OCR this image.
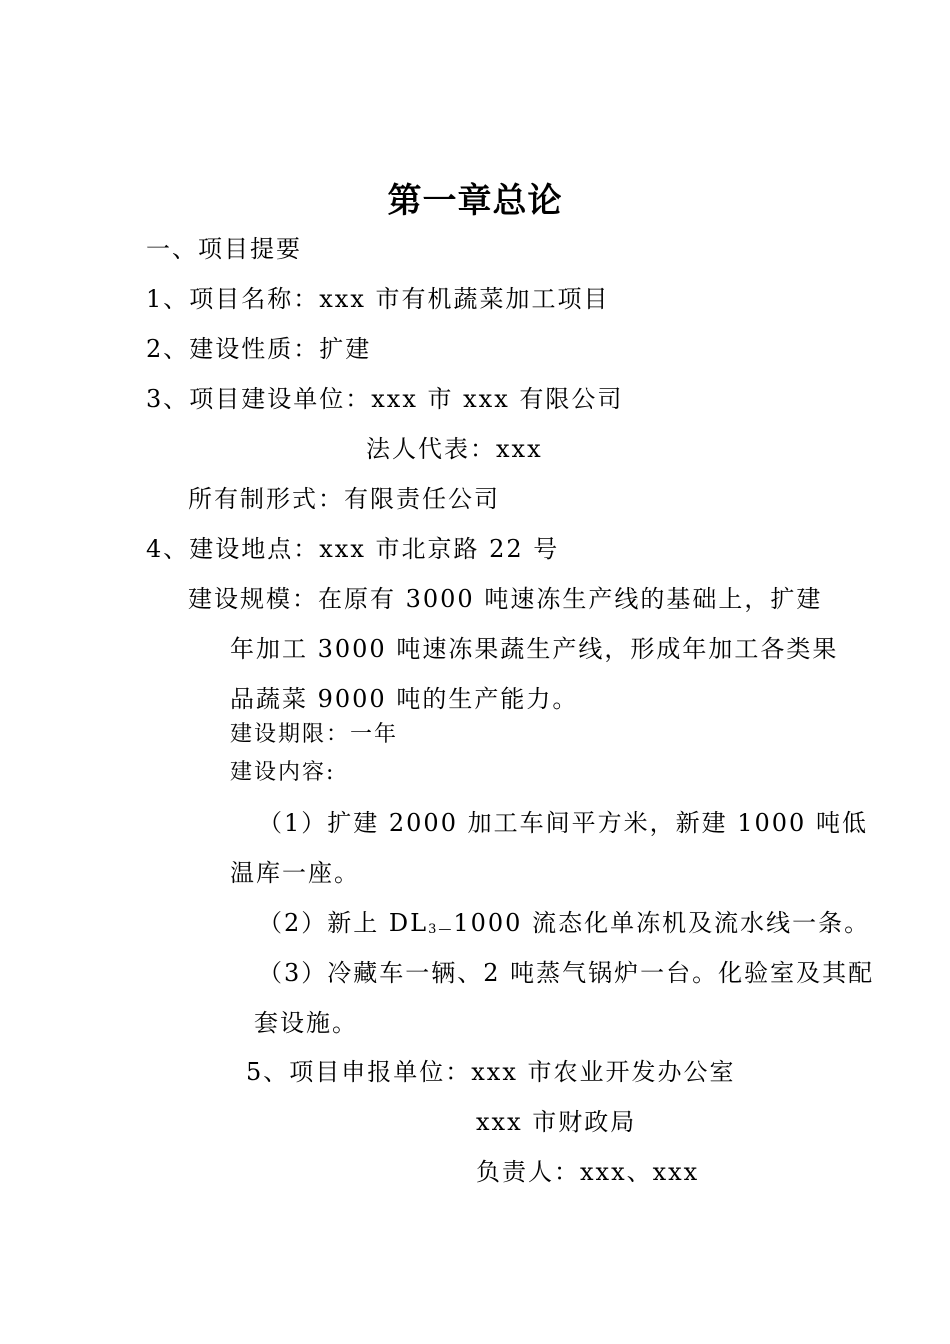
第一章总论
一、项目提要
1、项目名称：xxx 市有机蔬菜加工项目
2、建设性质：扩建
3、项目建设单位：xxx 市 xxx 有限公司
法人代表：xxx
所有制形式：有限责任公司
4、建设地点：xxx 市北京路 22 号
建设规模：在原有 3000 吨速冻生产线的基础上，扩建
年加工 3000 吨速冻果蔬生产线，形成年加工各类果
品蔬菜 9000 吨的生产能力。
建设期限：一年
建设内容:
（1）扩建 2000 加工车间平方米，新建 1000 吨低
温库一座。
（2）新上 $DL_{3—}1000$ 流态化单冻机及流水线一条。
（3）冷藏车一辆、2 吨蒸气锅炉一台。化验室及其配
套设施。
5、项目申报单位：xxx 市农业开发办公室
xxx 市财政局
负责人：xxx、xxx
